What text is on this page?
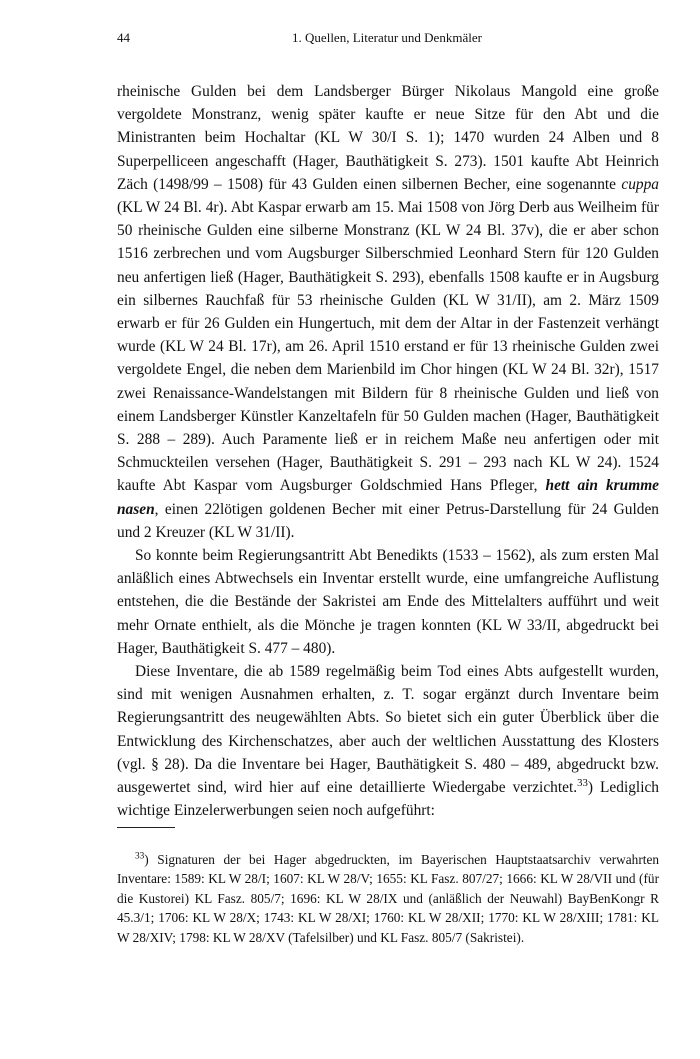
44	1. Quellen, Literatur und Denkmäler

rheinische Gulden bei dem Landsberger Bürger Nikolaus Mangold eine große vergoldete Monstranz, wenig später kaufte er neue Sitze für den Abt und die Ministranten beim Hochaltar (KL W 30/I S. 1); 1470 wurden 24 Alben und 8 Superpelliceen angeschafft (Hager, Bauthätigkeit S. 273). 1501 kaufte Abt Heinrich Zäch (1498/99 – 1508) für 43 Gulden einen silbernen Becher, eine sogenannte cuppa (KL W 24 Bl. 4r). Abt Kaspar erwarb am 15. Mai 1508 von Jörg Derb aus Weilheim für 50 rheinische Gulden eine silberne Monstranz (KL W 24 Bl. 37v), die er aber schon 1516 zerbrechen und vom Augsburger Silberschmied Leonhard Stern für 120 Gulden neu anfertigen ließ (Hager, Bauthätigkeit S. 293), ebenfalls 1508 kaufte er in Augsburg ein silbernes Rauchfaß für 53 rheinische Gulden (KL W 31/II), am 2. März 1509 erwarb er für 26 Gulden ein Hungertuch, mit dem der Altar in der Fastenzeit verhängt wurde (KL W 24 Bl. 17r), am 26. April 1510 erstand er für 13 rheinische Gulden zwei vergoldete Engel, die neben dem Marienbild im Chor hingen (KL W 24 Bl. 32r), 1517 zwei Renaissance-Wandelstangen mit Bildern für 8 rheinische Gulden und ließ von einem Landsberger Künstler Kanzeltafeln für 50 Gulden machen (Hager, Bauthätigkeit S. 288 – 289). Auch Paramente ließ er in reichem Maße neu anfertigen oder mit Schmuckteilen versehen (Hager, Bauthätigkeit S. 291 – 293 nach KL W 24). 1524 kaufte Abt Kaspar vom Augsburger Goldschmied Hans Pfleger, hett ain krumme nasen, einen 22lötigen goldenen Becher mit einer Petrus-Darstellung für 24 Gulden und 2 Kreuzer (KL W 31/II).

So konnte beim Regierungsantritt Abt Benedikts (1533 – 1562), als zum ersten Mal anläßlich eines Abtwechsels ein Inventar erstellt wurde, eine umfangreiche Auflistung entstehen, die die Bestände der Sakristei am Ende des Mittelalters aufführt und weit mehr Ornate enthielt, als die Mönche je tragen konnten (KL W 33/II, abgedruckt bei Hager, Bauthätigkeit S. 477 – 480).

Diese Inventare, die ab 1589 regelmäßig beim Tod eines Abts aufgestellt wurden, sind mit wenigen Ausnahmen erhalten, z. T. sogar ergänzt durch Inventare beim Regierungsantritt des neugewählten Abts. So bietet sich ein guter Überblick über die Entwicklung des Kirchenschatzes, aber auch der weltlichen Ausstattung des Klosters (vgl. § 28). Da die Inventare bei Hager, Bauthätigkeit S. 480 – 489, abgedruckt bzw. ausgewertet sind, wird hier auf eine detaillierte Wiedergabe verzichtet.$^{33}$) Lediglich wichtige Einzelerwerbungen seien noch aufgeführt:

$^{33}$) Signaturen der bei Hager abgedruckten, im Bayerischen Hauptstaatsarchiv verwahrten Inventare: 1589: KL W 28/I; 1607: KL W 28/V; 1655: KL Fasz. 807/27; 1666: KL W 28/VII und (für die Kustorei) KL Fasz. 805/7; 1696: KL W 28/IX und (anläßlich der Neuwahl) BayBenKongr R 45.3/1; 1706: KL W 28/X; 1743: KL W 28/XI; 1760: KL W 28/XII; 1770: KL W 28/XIII; 1781: KL W 28/XIV; 1798: KL W 28/XV (Tafelsilber) und KL Fasz. 805/7 (Sakristei).
